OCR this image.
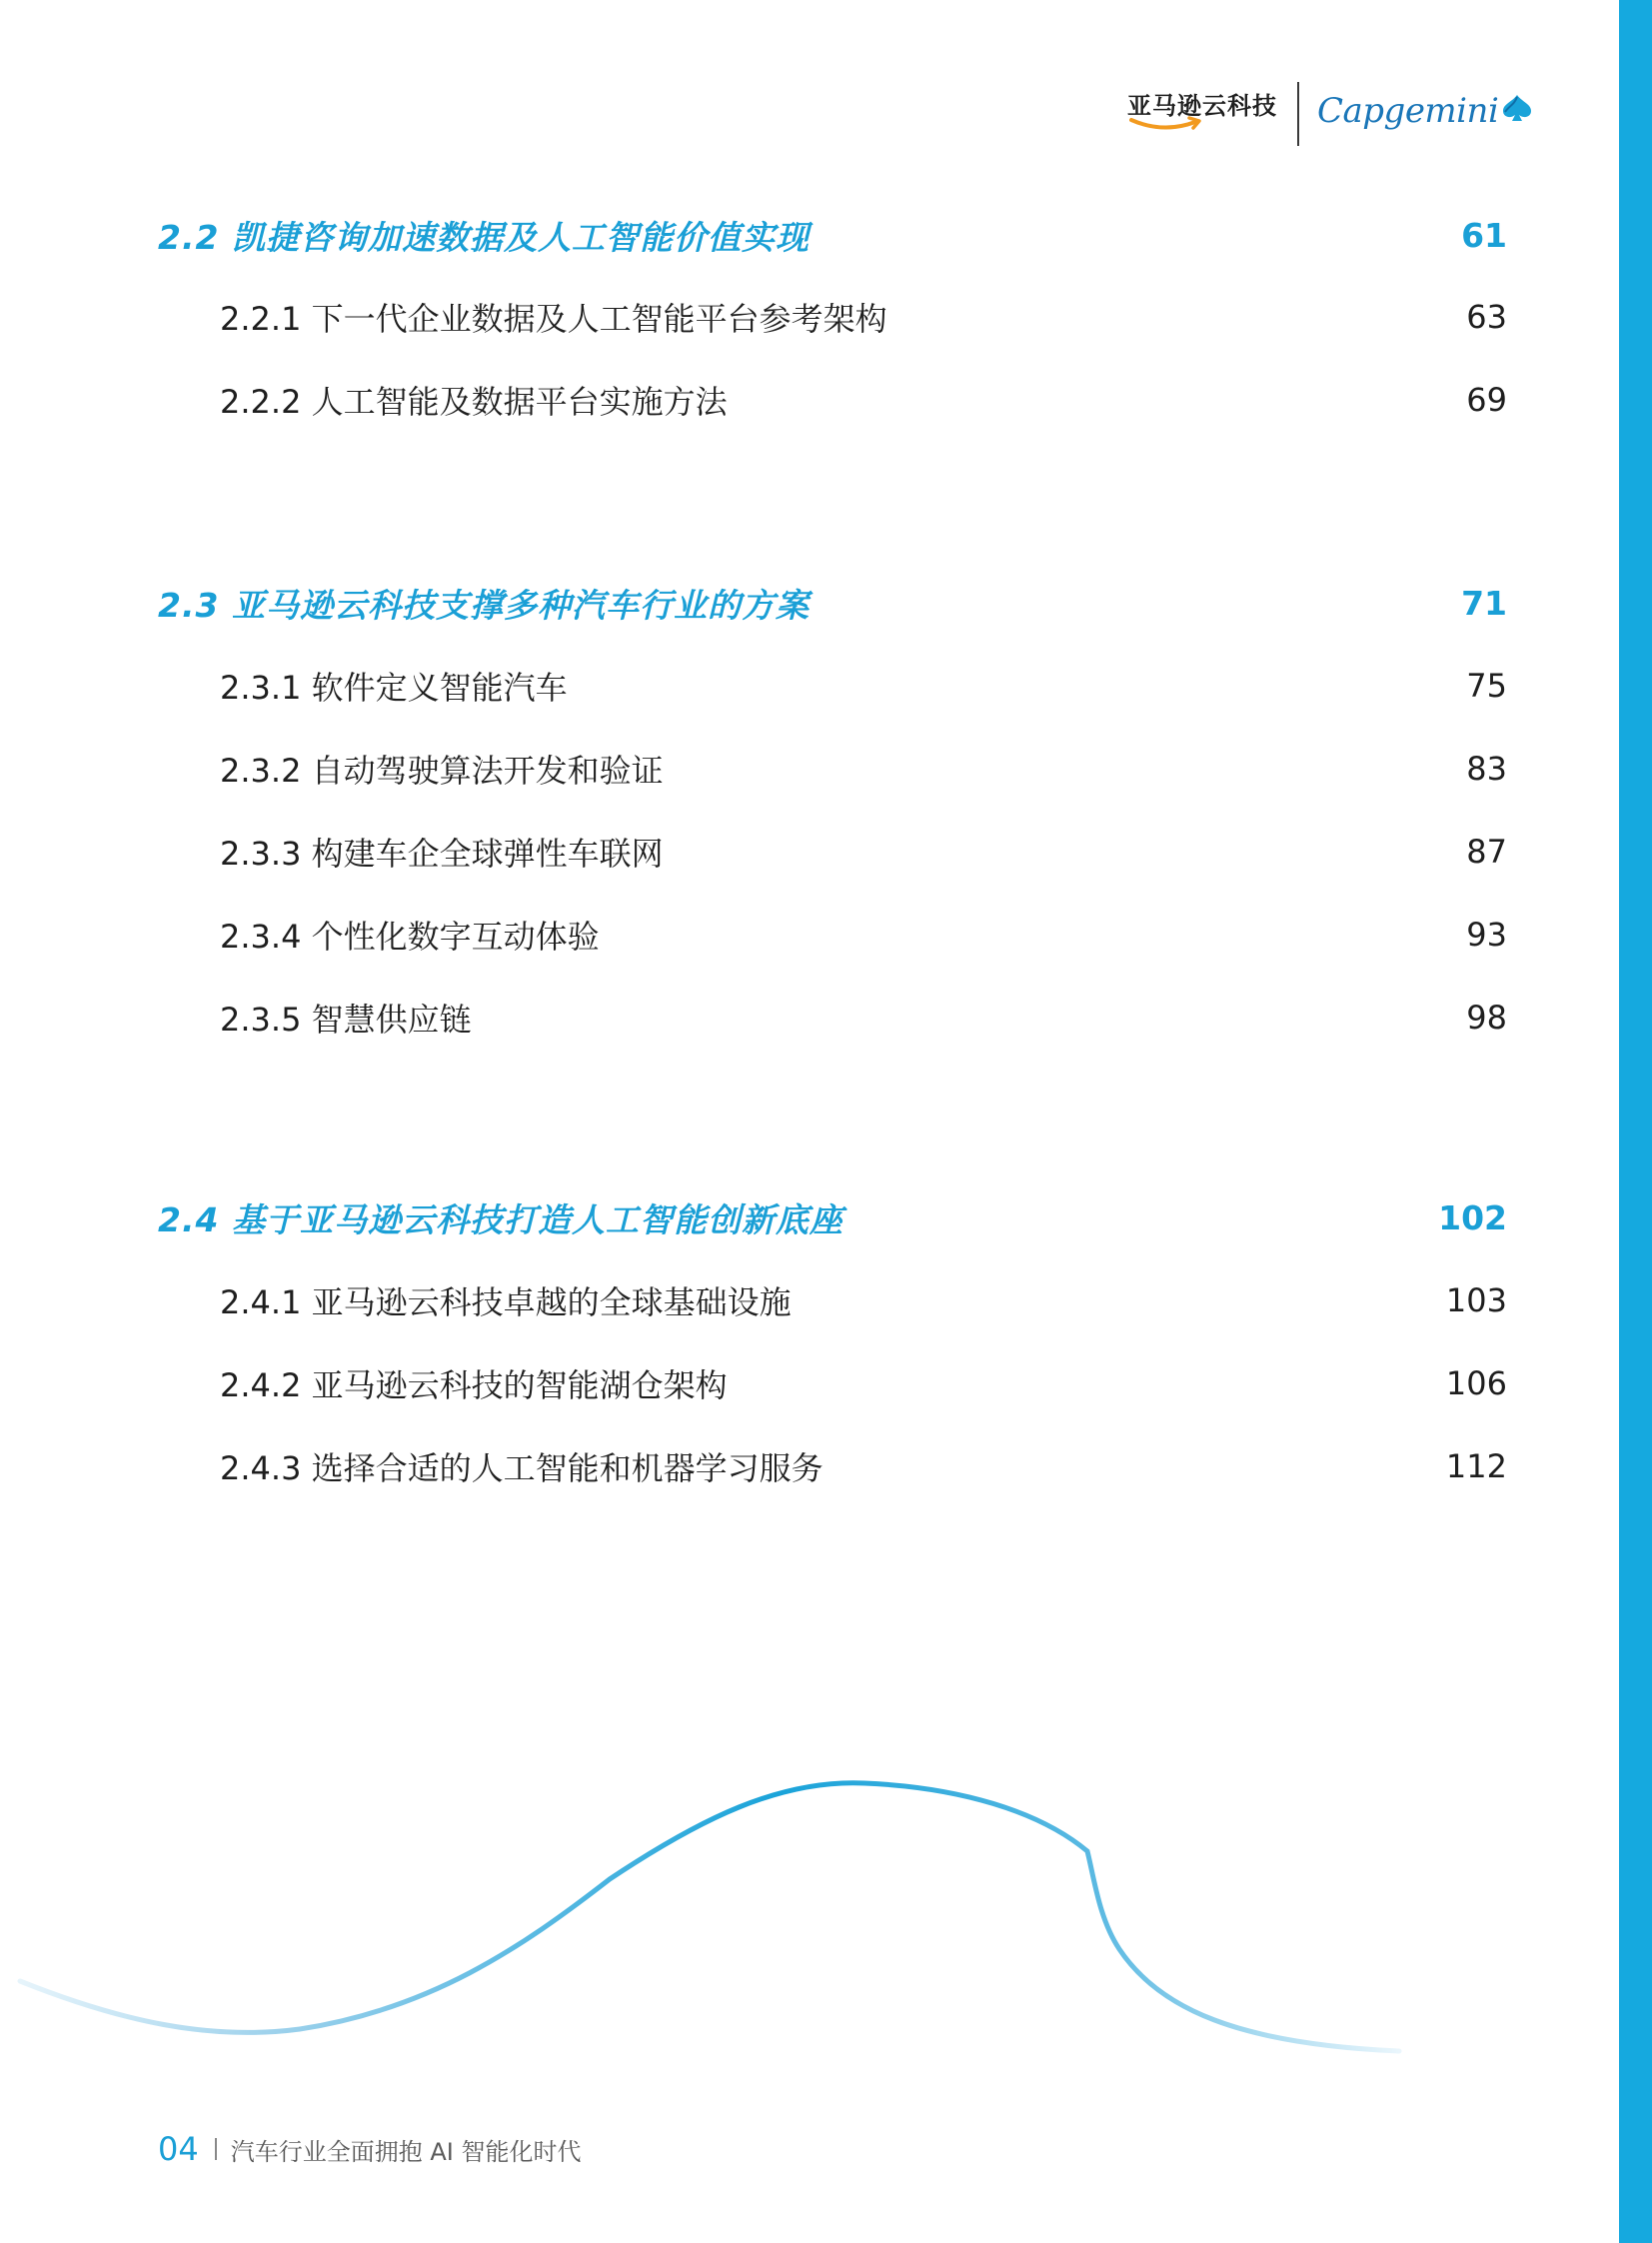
亚马逊云科技 Capgemini
2.2 凯捷咨询加速数据及人工智能价值实现	61
2.2.1 下一代企业数据及人工智能平台参考架构	63
2.2.2 人工智能及数据平台实施方法	69
2.3 亚马逊云科技支撑多种汽车行业的方案	71
2.3.1 软件定义智能汽车	75
2.3.2 自动驾驶算法开发和验证	83
2.3.3 构建车企全球弹性车联网	87
2.3.4 个性化数字互动体验	93
2.3.5 智慧供应链	98
2.4 基于亚马逊云科技打造人工智能创新底座	102
2.4.1 亚马逊云科技卓越的全球基础设施	103
2.4.2 亚马逊云科技的智能湖仓架构	106
2.4.3 选择合适的人工智能和机器学习服务	112
04 汽车行业全面拥抱 AI 智能化时代
